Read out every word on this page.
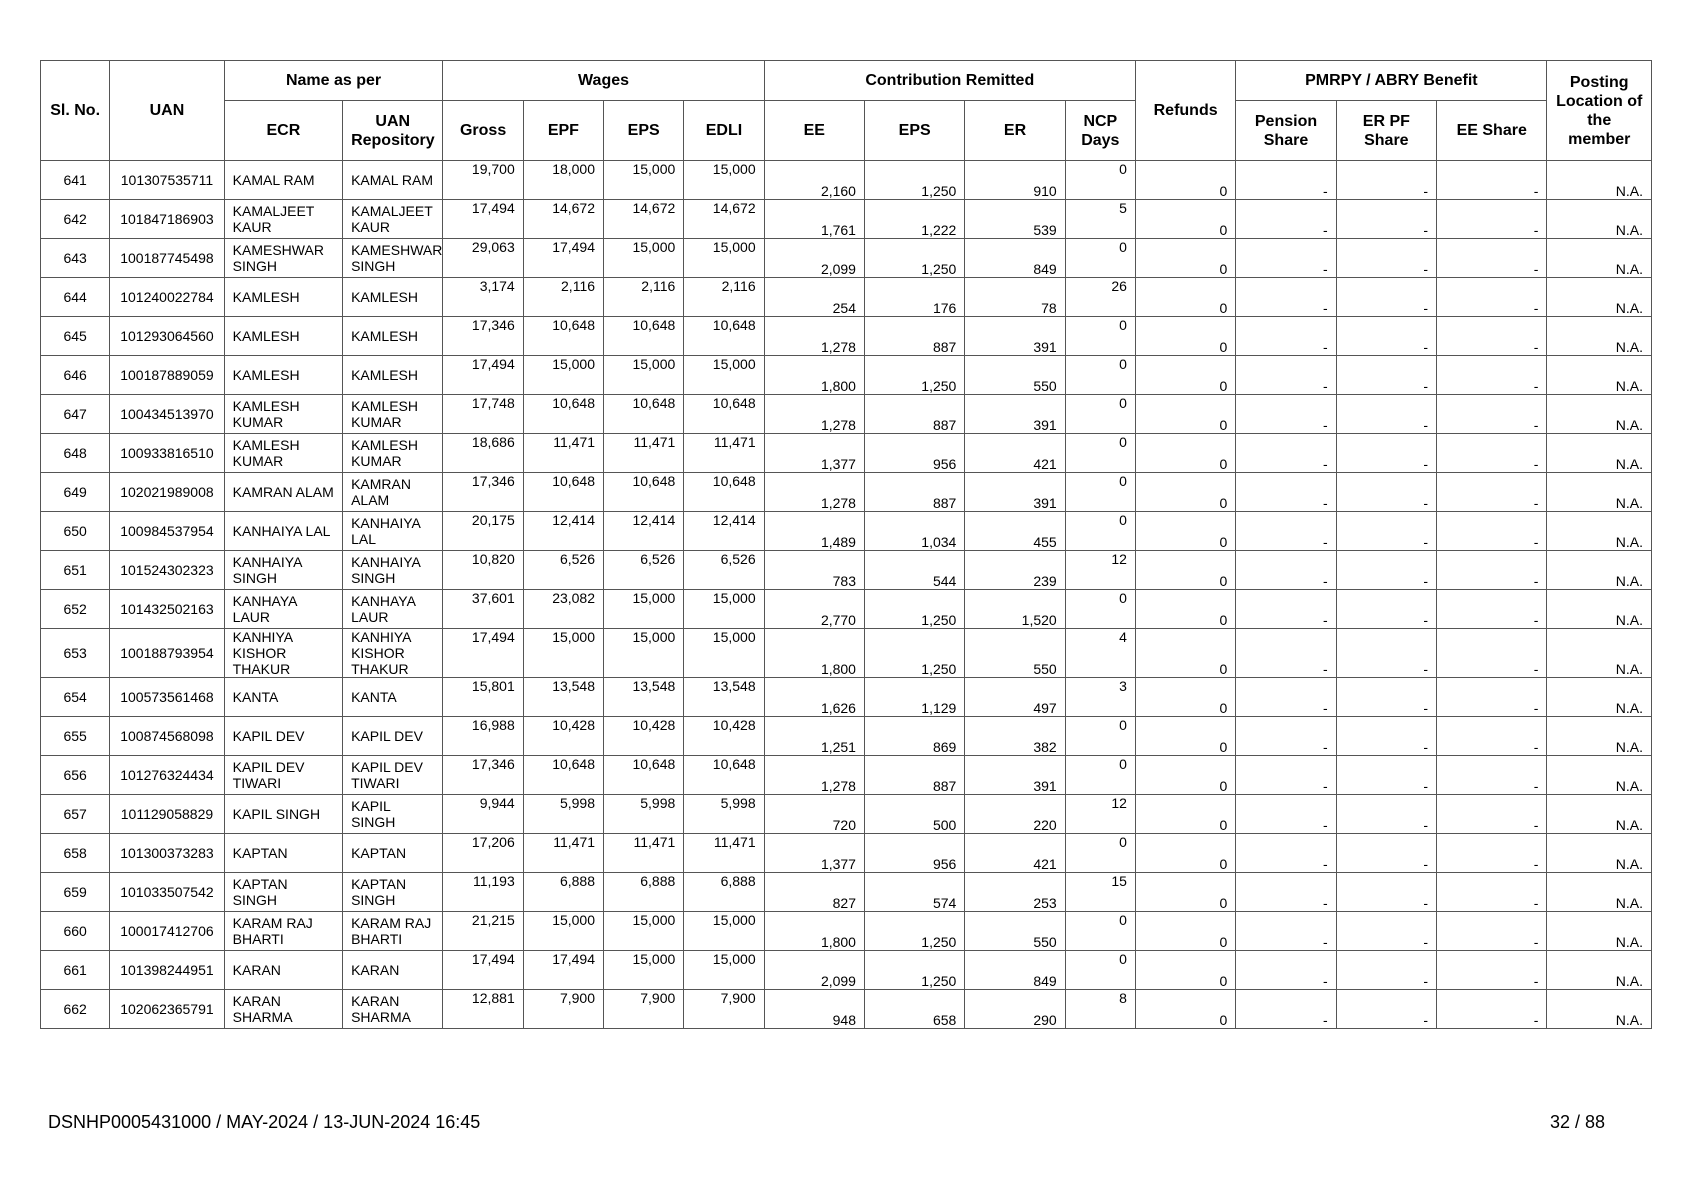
Sl. No.	UAN	Name as per		Wages				Contribution Remitted				Refunds	PMRPY / ABRY Benefit			Posting Location of the member
		ECR	UAN Repository	Gross	EPF	EPS	EDLI	EE	EPS	ER	NCP Days		Pension Share	ER PF Share	EE Share	
641	101307535711	KAMAL RAM	KAMAL RAM	19,700	18,000	15,000	15,000	2,160	1,250	910	0	0	-	-	-	N.A.
642	101847186903	KAMALJEET KAUR	KAMALJEET KAUR	17,494	14,672	14,672	14,672	1,761	1,222	539	5	0	-	-	-	N.A.
643	100187745498	KAMESHWAR SINGH	KAMESHWAR SINGH	29,063	17,494	15,000	15,000	2,099	1,250	849	0	0	-	-	-	N.A.
644	101240022784	KAMLESH	KAMLESH	3,174	2,116	2,116	2,116	254	176	78	26	0	-	-	-	N.A.
645	101293064560	KAMLESH	KAMLESH	17,346	10,648	10,648	10,648	1,278	887	391	0	0	-	-	-	N.A.
646	100187889059	KAMLESH	KAMLESH	17,494	15,000	15,000	15,000	1,800	1,250	550	0	0	-	-	-	N.A.
647	100434513970	KAMLESH KUMAR	KAMLESH KUMAR	17,748	10,648	10,648	10,648	1,278	887	391	0	0	-	-	-	N.A.
648	100933816510	KAMLESH KUMAR	KAMLESH KUMAR	18,686	11,471	11,471	11,471	1,377	956	421	0	0	-	-	-	N.A.
649	102021989008	KAMRAN ALAM	KAMRAN ALAM	17,346	10,648	10,648	10,648	1,278	887	391	0	0	-	-	-	N.A.
650	100984537954	KANHAIYA LAL	KANHAIYA LAL	20,175	12,414	12,414	12,414	1,489	1,034	455	0	0	-	-	-	N.A.
651	101524302323	KANHAIYA SINGH	KANHAIYA SINGH	10,820	6,526	6,526	6,526	783	544	239	12	0	-	-	-	N.A.
652	101432502163	KANHAYA LAUR	KANHAYA LAUR	37,601	23,082	15,000	15,000	2,770	1,250	1,520	0	0	-	-	-	N.A.
653	100188793954	KANHIYA KISHOR THAKUR	KANHIYA KISHOR THAKUR	17,494	15,000	15,000	15,000	1,800	1,250	550	4	0	-	-	-	N.A.
654	100573561468	KANTA	KANTA	15,801	13,548	13,548	13,548	1,626	1,129	497	3	0	-	-	-	N.A.
655	100874568098	KAPIL DEV	KAPIL DEV	16,988	10,428	10,428	10,428	1,251	869	382	0	0	-	-	-	N.A.
656	101276324434	KAPIL DEV TIWARI	KAPIL DEV TIWARI	17,346	10,648	10,648	10,648	1,278	887	391	0	0	-	-	-	N.A.
657	101129058829	KAPIL SINGH	KAPIL SINGH	9,944	5,998	5,998	5,998	720	500	220	12	0	-	-	-	N.A.
658	101300373283	KAPTAN	KAPTAN	17,206	11,471	11,471	11,471	1,377	956	421	0	0	-	-	-	N.A.
659	101033507542	KAPTAN SINGH	KAPTAN SINGH	11,193	6,888	6,888	6,888	827	574	253	15	0	-	-	-	N.A.
660	100017412706	KARAM RAJ BHARTI	KARAM RAJ BHARTI	21,215	15,000	15,000	15,000	1,800	1,250	550	0	0	-	-	-	N.A.
661	101398244951	KARAN	KARAN	17,494	17,494	15,000	15,000	2,099	1,250	849	0	0	-	-	-	N.A.
662	102062365791	KARAN SHARMA	KARAN SHARMA	12,881	7,900	7,900	7,900	948	658	290	8	0	-	-	-	N.A.
DSNHP0005431000 / MAY-2024 / 13-JUN-2024 16:45	32 / 88
